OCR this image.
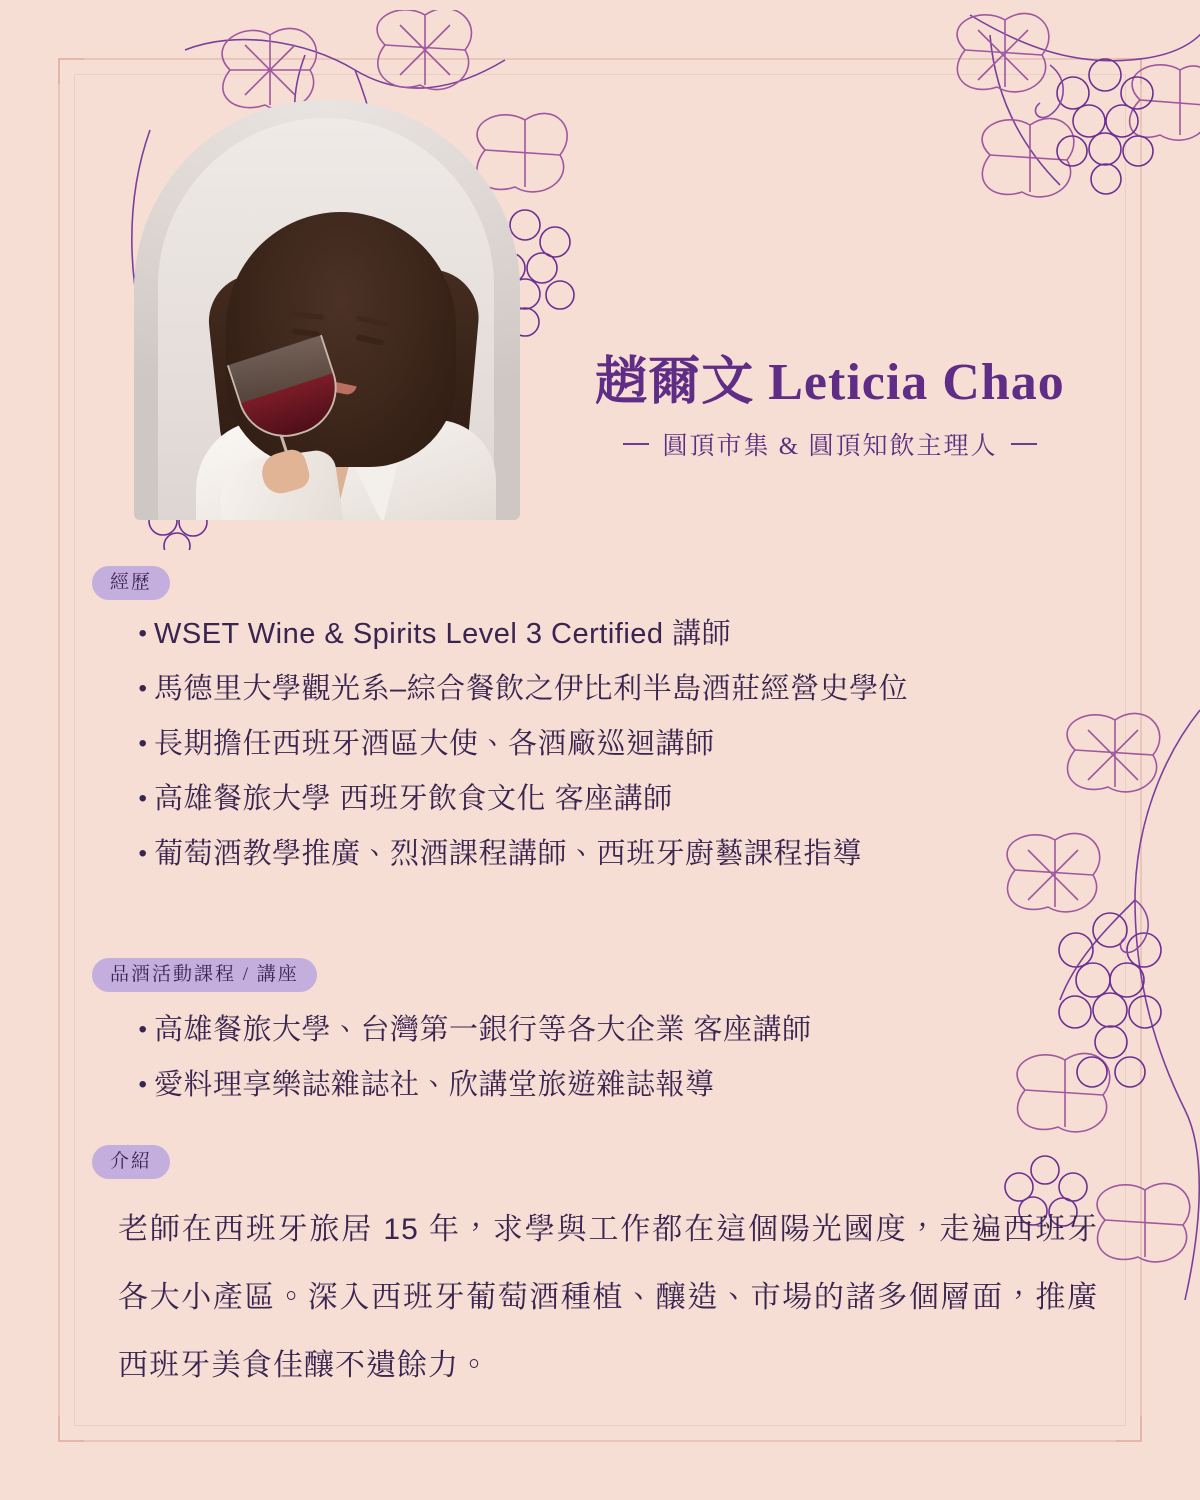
趙爾文 Leticia Chao
圓頂市集 & 圓頂知飲主理人
經歷
• WSET Wine & Spirits Level 3 Certified 講師
• 馬德里大學觀光系–綜合餐飲之伊比利半島酒莊經營史學位
• 長期擔任西班牙酒區大使、各酒廠巡迴講師
• 高雄餐旅大學 西班牙飲食文化 客座講師
• 葡萄酒教學推廣、烈酒課程講師、西班牙廚藝課程指導
品酒活動課程 / 講座
• 高雄餐旅大學、台灣第一銀行等各大企業 客座講師
• 愛料理享樂誌雜誌社、欣講堂旅遊雜誌報導
介紹
老師在西班牙旅居 15 年，求學與工作都在這個陽光國度，走遍西班牙各大小產區。深入西班牙葡萄酒種植、釀造、市場的諸多個層面，推廣西班牙美食佳釀不遺餘力。
